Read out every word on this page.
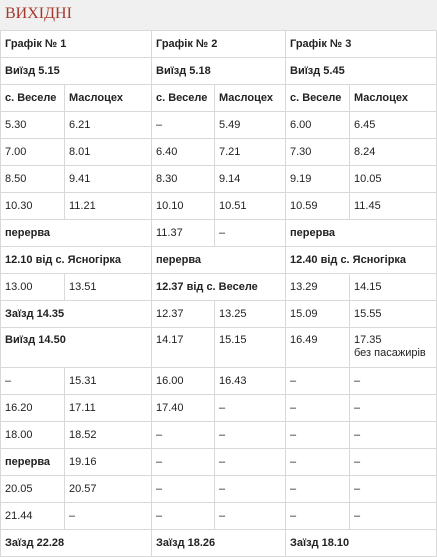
ВИХІДНІ
Графік № 1		Графік № 2		Графік № 3	
Виїзд 5.15		Виїзд 5.18		Виїзд 5.45	
с. Веселе	Маслоцех	с. Веселе	Маслоцех	с. Веселе	Маслоцех
5.30	6.21	–	5.49	6.00	6.45
7.00	8.01	6.40	7.21	7.30	8.24
8.50	9.41	8.30	9.14	9.19	10.05
10.30	11.21	10.10	10.51	10.59	11.45
перерва		11.37	–	перерва	
12.10 від с. Ясногірка		перерва		12.40 від с. Ясногірка	
13.00	13.51	12.37 від с. Веселе		13.29	14.15
Заїзд 14.35		12.37	13.25	15.09	15.55
Виїзд 14.50		14.17	15.15	16.49	17.35
без пасажирів

–	15.31	16.00	16.43	–	–
16.20	17.11	17.40	–	–	–
18.00	18.52	–	–	–	–
перерва	19.16	–	–	–	–
20.05	20.57	–	–	–	–
21.44	–	–	–	–	–
Заїзд 22.28		Заїзд 18.26		Заїзд 18.10	
